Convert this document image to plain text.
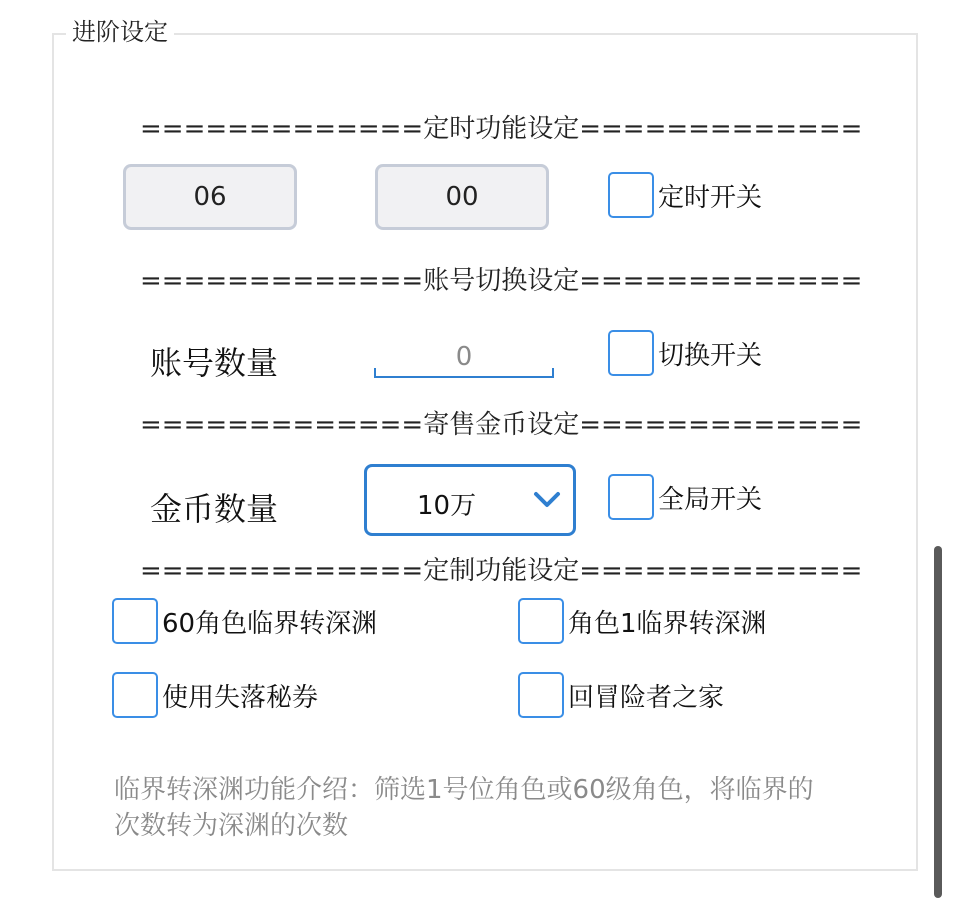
进阶设定
=============定时功能设定=============
06	00	定时开关
=============账号切换设定=============
账号数量	0	切换开关
=============寄售金币设定=============
金币数量	10万	全局开关
=============定制功能设定=============
60角色临界转深渊	角色1临界转深渊
使用失落秘券	回冒险者之家
临界转深渊功能介绍：筛选1号位角色或60级角色，将临界的次数转为深渊的次数
